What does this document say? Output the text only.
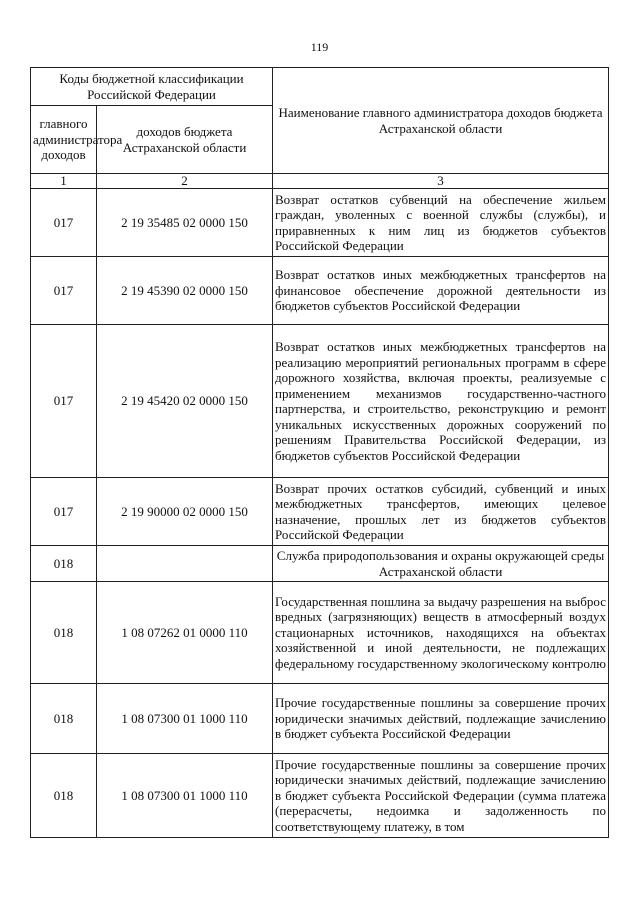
119
Коды бюджетной классификации Российской Федерации		Наименование главного администратора доходов бюджета Астраханской области
главного администратора доходов	доходов бюджета Астраханской области	
1	2	3
017	2 19 35485 02 0000 150	Возврат остатков субвенций на обеспечение жильем граждан, уволенных с военной службы (службы), и приравненных к ним лиц из бюджетов субъектов Российской Федерации
017	2 19 45390 02 0000 150	Возврат остатков иных межбюджетных трансфертов на финансовое обеспечение дорожной деятельности из бюджетов субъектов Российской Федерации
017	2 19 45420 02 0000 150	Возврат остатков иных межбюджетных трансфертов на реализацию мероприятий региональных программ в сфере дорожного хозяйства, включая проекты, реализуемые с применением механизмов государственно-частного партнерства, и строительство, реконструкцию и ремонт уникальных искусственных дорожных сооружений по решениям Правительства Российской Федерации, из бюджетов субъектов Российской Федерации
017	2 19 90000 02 0000 150	Возврат прочих остатков субсидий, субвенций и иных межбюджетных трансфертов, имеющих целевое назначение, прошлых лет из бюджетов субъектов Российской Федерации
018		Служба природопользования и охраны окружающей среды Астраханской области
018	1 08 07262 01 0000 110	Государственная пошлина за выдачу разрешения на выброс вредных (загрязняющих) веществ в атмосферный воздух стационарных источников, находящихся на объектах хозяйственной и иной деятельности, не подлежащих федеральному государственному экологическому контролю
018	1 08 07300 01 1000 110	Прочие государственные пошлины за совершение прочих юридически значимых действий, подлежащие зачислению в бюджет субъекта Российской Федерации
018	1 08 07300 01 1000 110	Прочие государственные пошлины за совершение прочих юридически значимых действий, подлежащие зачислению в бюджет субъекта Российской Федерации (сумма платежа (перерасчеты, недоимка и задолженность по соответствующему платежу, в том
